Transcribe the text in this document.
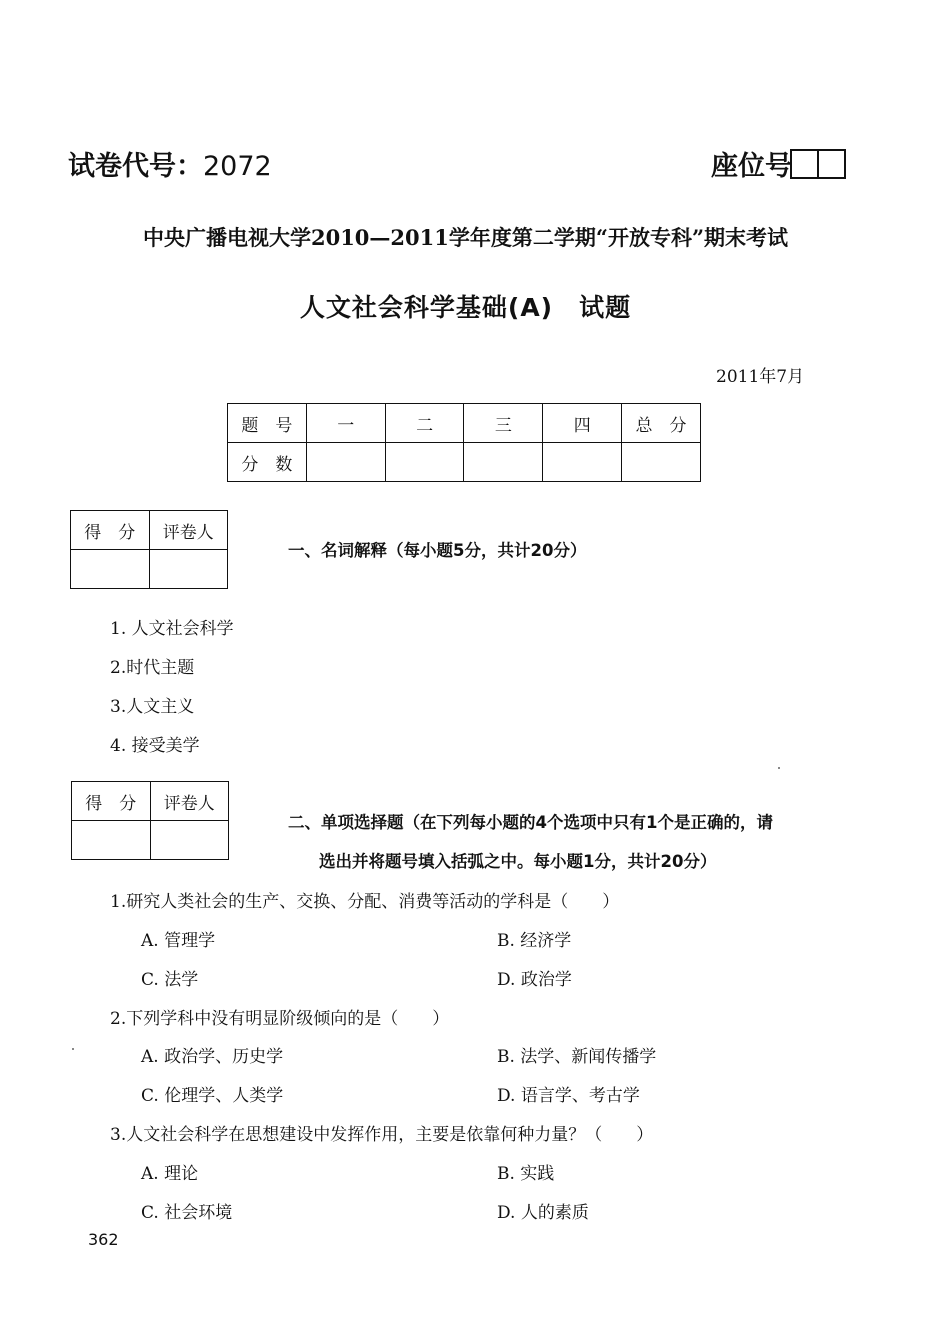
试卷代号：2072	座位号
中央广播电视大学2010—2011学年度第二学期“开放专科”期末考试
人文社会科学基础(A)　试题
2011年7月
题　号	一	二	三	四	总　分
分　数					
得　分	评卷人

一、名词解释（每小题5分，共计20分）
1. 人文社会科学
2.时代主题
3.人文主义
4. 接受美学
得　分	评卷人

二、单项选择题（在下列每小题的4个选项中只有1个是正确的，请
选出并将题号填入括弧之中。每小题1分，共计20分）
1.研究人类社会的生产、交换、分配、消费等活动的学科是（　　）
A. 管理学	B. 经济学
C. 法学	D. 政治学
2.下列学科中没有明显阶级倾向的是（　　）
A. 政治学、历史学	B. 法学、新闻传播学
C. 伦理学、人类学	D. 语言学、考古学
3.人文社会科学在思想建设中发挥作用，主要是依靠何种力量？（　　）
A. 理论	B. 实践
C. 社会环境	D. 人的素质
362
